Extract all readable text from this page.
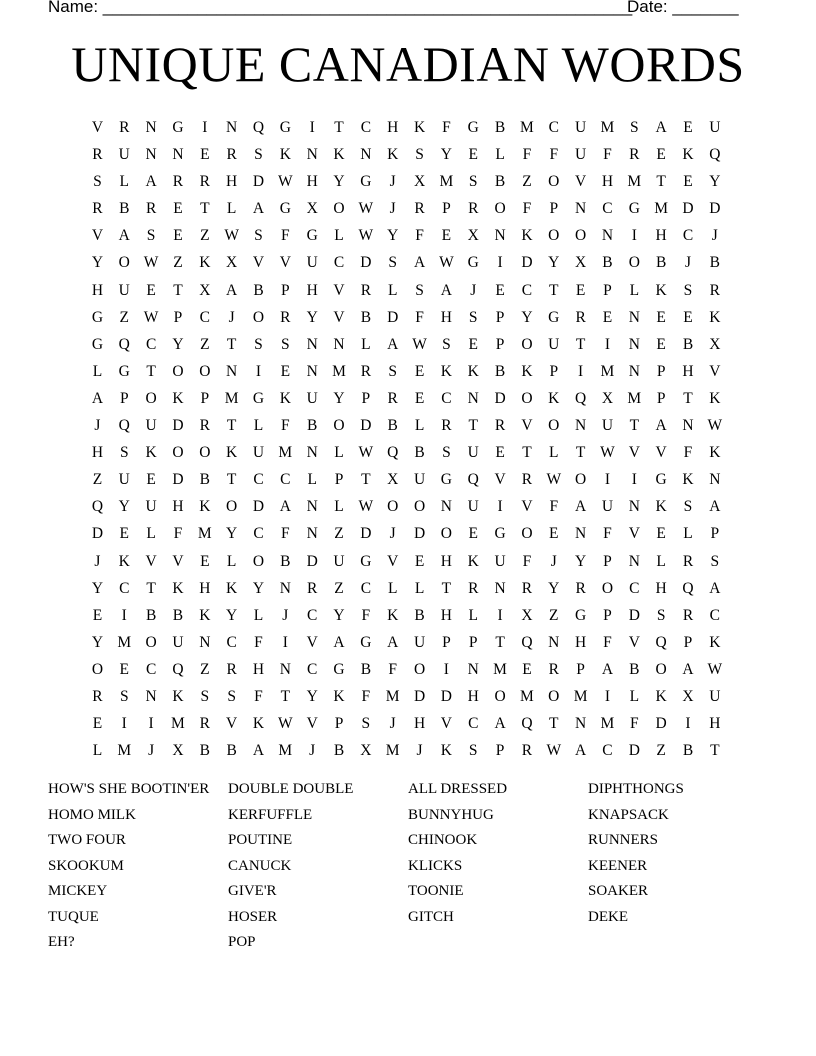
Name: ________________________________________________________
Date: _______
UNIQUE CANADIAN WORDS
V	R	N	G	I	N	Q	G	I	T	C	H	K	F	G	B M C	U M	S	A	E	U
R	U	N	N	E	R	S	K	N	K	N	K	S	Y	E	L	F	F	U	F	R	E	K	Q
S	L	A	R	R	H	D W H	Y	G	J	X M	S	B	Z	O	V	H M T	E	Y
R	B	R	E	T	L	A	G	X	O W	J	R	P	R	O	F	P	N	C	G M D	D
V	A	S	E	Z W S	F	G	L W Y	F	E	X	N	K	O	O	N	I	H	C	J
Y	O W Z	K	X	V	V	U	C	D	S	A W G	I	D	Y	X	B	O	B	J	B
H	U	E	T	X	A	B	P	H	V	R	L	S	A	J	E	C	T	E	P	L	K	S	R
G	Z W P	C	J	O	R	Y	V	B	D	F	H	S	P	Y	G	R	E	N	E	E	K
G	Q	C	Y	Z	T	S	S	N	N	L	A W S	E	P	O	U	T	I	N	E	B	X
L	G	T	O	O	N	I	E	N M R	S	E	K	K	B	K	P	I	M N	P	H	V
A	P	O	K	P	M G	K	U	Y	P	R	E	C	N	D	O	K	Q	X M	P	T	K
J	Q	U	D	R	T	L	F	B	O	D	B	L	R	T	R	V	O	N	U	T	A	N W
H	S	K	O	O	K	U M N	L W Q	B	S	U	E	T	L	T W V	V	F	K
Z	U	E	D	B	T	C	C	L	P	T	X	U	G	Q	V	R W O	I	I	G	K	N
Q	Y	U	H	K	O	D	A	N	L W O	O	N	U	I	V	F	A	U	N	K	S	A
D	E	L	F	M Y	C	F	N	Z	D	J	D	O	E	G	O	E	N	F	V	E	L	P
J	K	V	V	E	L	O	B	D	U	G	V	E	H	K	U	F	J	Y	P	N	L	R	S
Y	C	T	K	H	K	Y	N	R	Z	C	L	L	T	R	N	R	Y	R	O	C	H	Q	A
E	I	B	B	K	Y	L	J	C	Y	F	K	B	H	L	I	X	Z	G	P	D	S	R	C
Y M O	U	N	C	F	I	V	A	G	A	U	P	P	T	Q	N	H	F	V	Q	P	K
O	E	C	Q	Z	R	H	N	C	G	B	F	O	I	N M E	R	P	A	B	O	A W
R	S	N	K	S	S	F	T	Y	K	F	M D	D	H	O M O M	I	L	K	X	U
E	I	I	M R	V	K W V	P	S	J	H	V	C	A	Q	T	N M	F	D	I	H
L M	J	X	B	B	A M	J	B	X M	J	K	S	P	R W A	C	D	Z	B	T
HOW'S SHE BOOTIN'ER	DOUBLE DOUBLE	ALL DRESSED	DIPHTHONGS
HOMO MILK	KERFUFFLE	BUNNYHUG	KNAPSACK
TWO FOUR	POUTINE	CHINOOK	RUNNERS
SKOOKUM	CANUCK	KLICKS	KEENER
MICKEY	GIVE'R	TOONIE	SOAKER
TUQUE	HOSER	GITCH	DEKE
EH?	POP
